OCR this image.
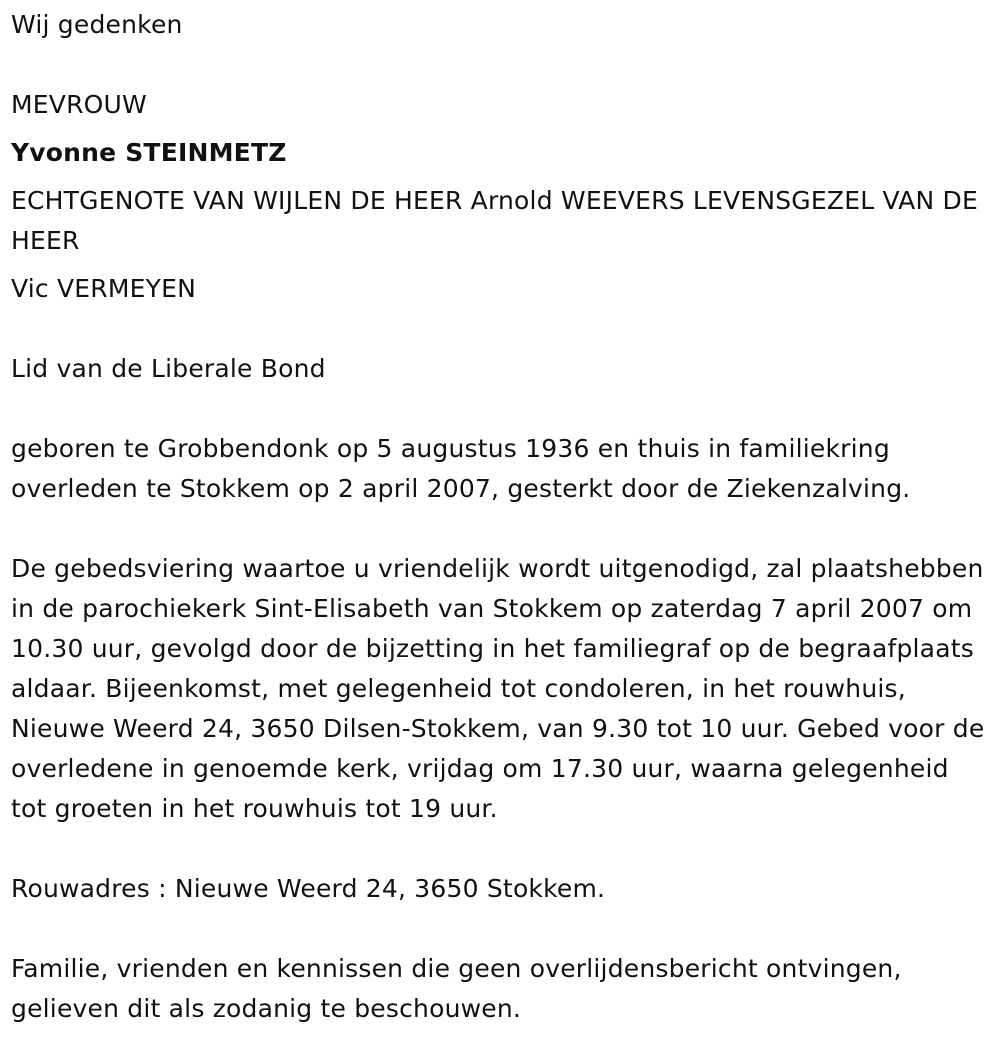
Wij gedenken

MEVROUW

Yvonne STEINMETZ

ECHTGENOTE VAN WIJLEN DE HEER Arnold WEEVERS LEVENSGEZEL VAN DE HEER

Vic VERMEYEN

Lid van de Liberale Bond

geboren te Grobbendonk op 5 augustus 1936 en thuis in familiekring overleden te Stokkem op 2 april 2007, gesterkt door de Ziekenzalving.

De gebedsviering waartoe u vriendelijk wordt uitgenodigd, zal plaatshebben in de parochiekerk Sint-Elisabeth van Stokkem op zaterdag 7 april 2007 om 10.30 uur, gevolgd door de bijzetting in het familiegraf op de begraafplaats aldaar. Bijeenkomst, met gelegenheid tot condoleren, in het rouwhuis, Nieuwe Weerd 24, 3650 Dilsen-Stokkem, van 9.30 tot 10 uur. Gebed voor de overledene in genoemde kerk, vrijdag om 17.30 uur, waarna gelegenheid tot groeten in het rouwhuis tot 19 uur.

Rouwadres : Nieuwe Weerd 24, 3650 Stokkem.

Familie, vrienden en kennissen die geen overlijdensbericht ontvingen, gelieven dit als zodanig te beschouwen.
